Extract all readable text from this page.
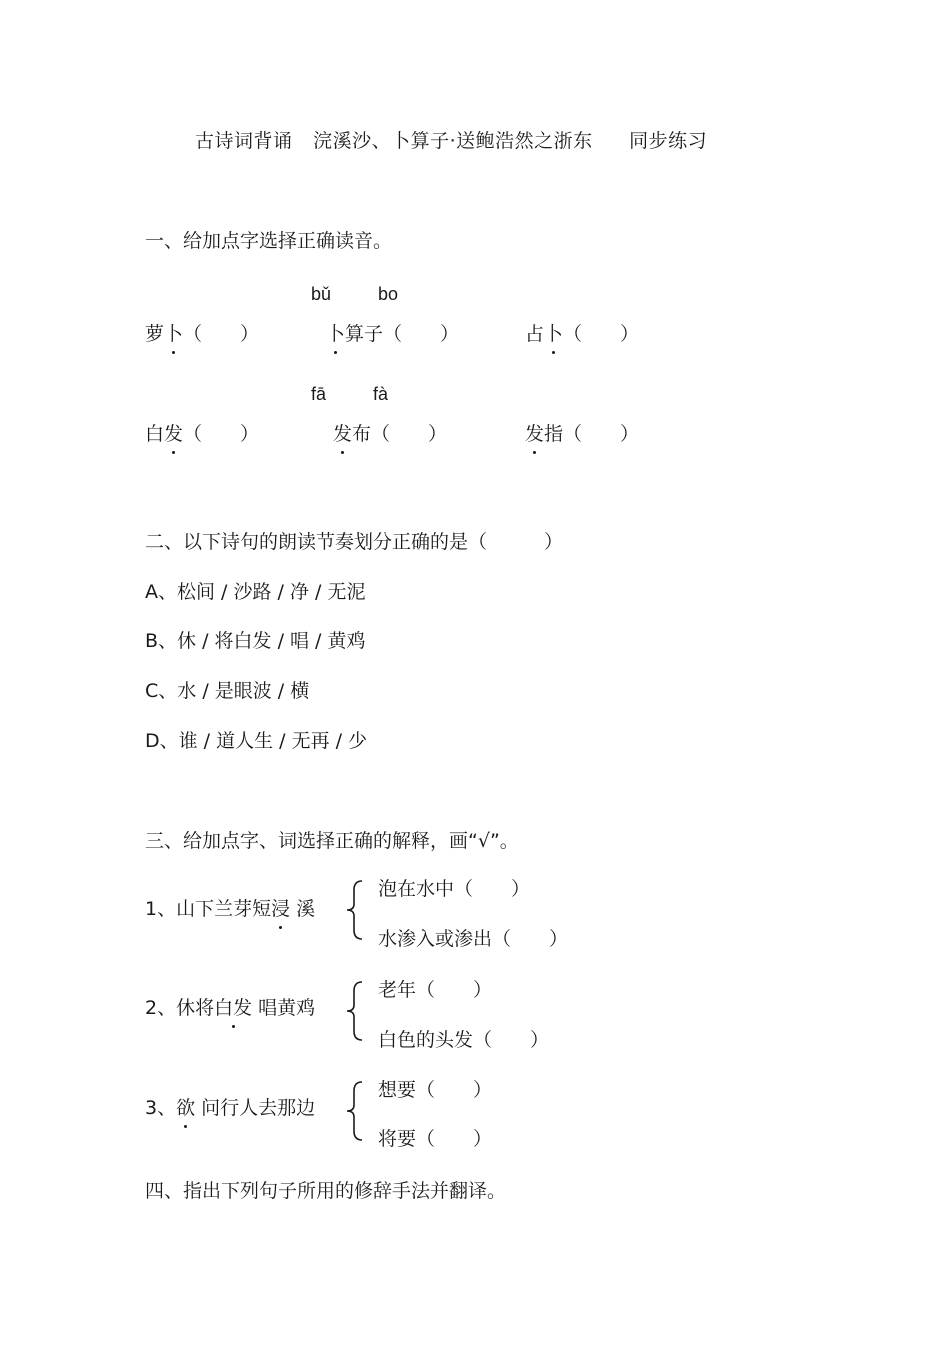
古诗词背诵 浣溪沙、卜算子·送鲍浩然之浙东 同步练习
一、给加点字选择正确读音。
bǔ	bo
萝卜（　　）	卜算子（　　）	占卜（　　）
fā	fà
白发（　　）	发布（　　）	发指（　　）
二、以下诗句的朗读节奏划分正确的是（　　　）
A、松间 / 沙路 / 净 / 无泥
B、休 / 将白发 / 唱 / 黄鸡
C、水 / 是眼波 / 横
D、谁 / 道人生 / 无再 / 少
三、给加点字、词选择正确的解释，画“√”。
1、山下兰芽短浸 溪
泡在水中（　　）
水渗入或渗出（　　）
2、休将白发 唱黄鸡
老年（　　）
白色的头发（　　）
3、欲 问行人去那边
想要（　　）
将要（　　）
四、指出下列句子所用的修辞手法并翻译。
